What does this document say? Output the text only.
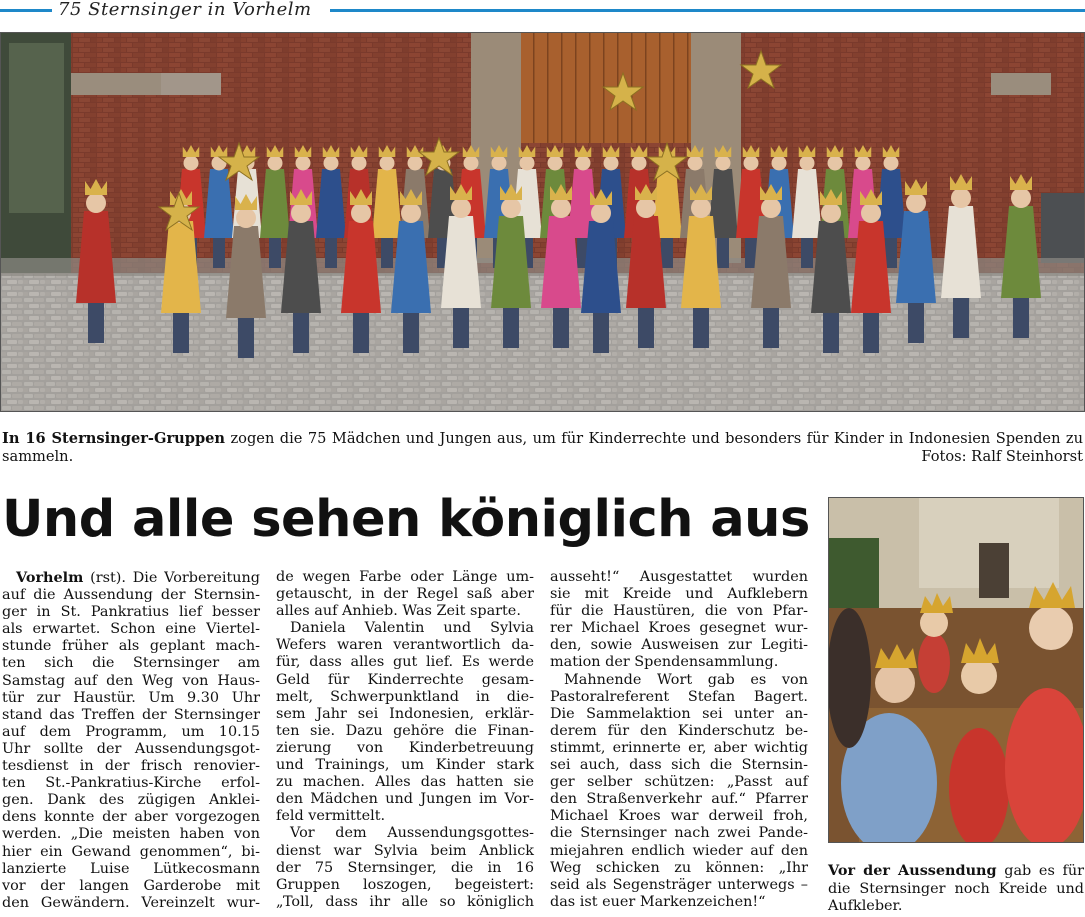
75 Sternsinger in Vorhelm
In 16 Sternsinger-Gruppen zogen die 75 Mädchen und Jungen aus, um für Kinderrechte und besonders für Kinder in Indonesien Spenden zu
sammeln.	Fotos: Ralf Steinhorst
Und alle sehen königlich aus
Vorhelm (rst). Die Vorbereitung
auf die Aussendung der Sternsin-
ger in St. Pankratius lief besser
als erwartet. Schon eine Viertel-
stunde früher als geplant mach-
ten sich die Sternsinger am
Samstag auf den Weg von Haus-
tür zur Haustür. Um 9.30 Uhr
stand das Treffen der Sternsinger
auf dem Programm, um 10.15
Uhr sollte der Aussendungsgot-
tesdienst in der frisch renovier-
ten St.-Pankratius-Kirche erfol-
gen. Dank des zügigen Anklei-
dens konnte der aber vorgezogen
werden. „Die meisten haben von
hier ein Gewand genommen“, bi-
lanzierte Luise Lütkecosmann
vor der langen Garderobe mit
den Gewändern. Vereinzelt wur-
de wegen Farbe oder Länge um-
getauscht, in der Regel saß aber
alles auf Anhieb. Was Zeit sparte.
Daniela Valentin und Sylvia
Wefers waren verantwortlich da-
für, dass alles gut lief. Es werde
Geld für Kinderrechte gesam-
melt, Schwerpunktland in die-
sem Jahr sei Indonesien, erklär-
ten sie. Dazu gehöre die Finan-
zierung von Kinderbetreuung
und Trainings, um Kinder stark
zu machen. Alles das hatten sie
den Mädchen und Jungen im Vor-
feld vermittelt.
Vor dem Aussendungsgottes-
dienst war Sylvia beim Anblick
der 75 Sternsinger, die in 16
Gruppen loszogen, begeistert:
„Toll, dass ihr alle so königlich
ausseht!“ Ausgestattet wurden
sie mit Kreide und Aufklebern
für die Haustüren, die von Pfar-
rer Michael Kroes gesegnet wur-
den, sowie Ausweisen zur Legiti-
mation der Spendensammlung.
Mahnende Wort gab es von
Pastoralreferent Stefan Bagert.
Die Sammelaktion sei unter an-
derem für den Kinderschutz be-
stimmt, erinnerte er, aber wichtig
sei auch, dass sich die Sternsin-
ger selber schützen: „Passt auf
den Straßenverkehr auf.“ Pfarrer
Michael Kroes war derweil froh,
die Sternsinger nach zwei Pande-
miejahren endlich wieder auf den
Weg schicken zu können: „Ihr
seid als Segensträger unterwegs –
das ist euer Markenzeichen!“
Vor der Aussendung gab es für
die Sternsinger noch Kreide und
Aufkleber.
